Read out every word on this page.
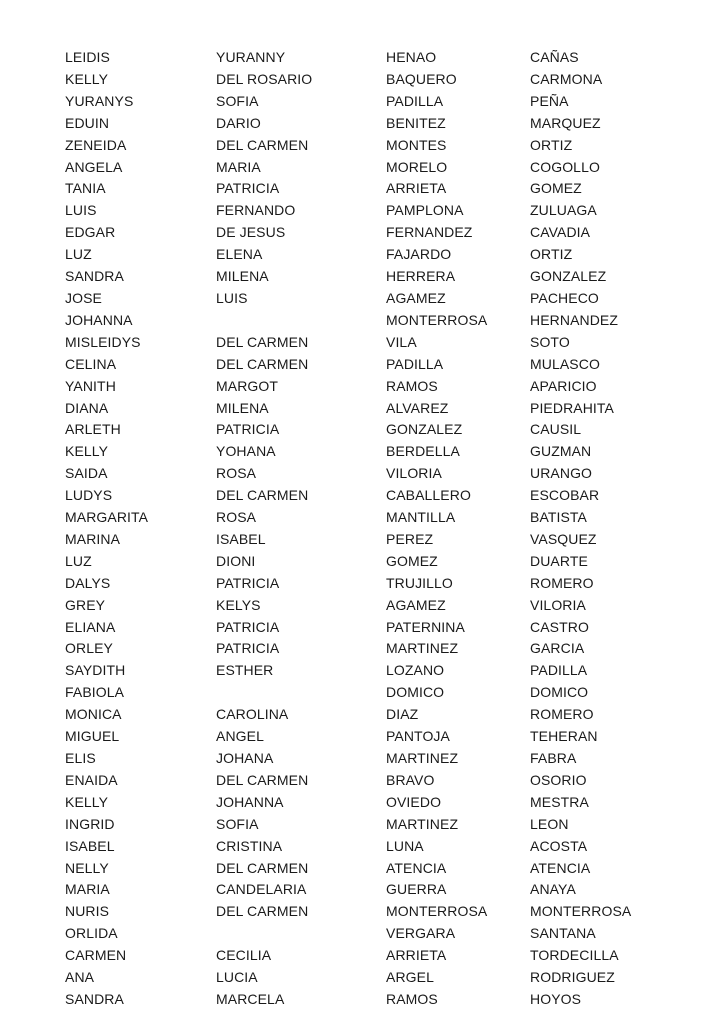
LEIDIS	YURANNY	HENAO	CAÑAS
KELLY	DEL ROSARIO	BAQUERO	CARMONA
YURANYS	SOFIA	PADILLA	PEÑA
EDUIN	DARIO	BENITEZ	MARQUEZ
ZENEIDA	DEL CARMEN	MONTES	ORTIZ
ANGELA	MARIA	MORELO	COGOLLO
TANIA	PATRICIA	ARRIETA	GOMEZ
LUIS	FERNANDO	PAMPLONA	ZULUAGA
EDGAR	DE JESUS	FERNANDEZ	CAVADIA
LUZ	ELENA	FAJARDO	ORTIZ
SANDRA	MILENA	HERRERA	GONZALEZ
JOSE	LUIS	AGAMEZ	PACHECO
JOHANNA		MONTERROSA	HERNANDEZ
MISLEIDYS	DEL CARMEN	VILA	SOTO
CELINA	DEL CARMEN	PADILLA	MULASCO
YANITH	MARGOT	RAMOS	APARICIO
DIANA	MILENA	ALVAREZ	PIEDRAHITA
ARLETH	PATRICIA	GONZALEZ	CAUSIL
KELLY	YOHANA	BERDELLA	GUZMAN
SAIDA	ROSA	VILORIA	URANGO
LUDYS	DEL CARMEN	CABALLERO	ESCOBAR
MARGARITA	ROSA	MANTILLA	BATISTA
MARINA	ISABEL	PEREZ	VASQUEZ
LUZ	DIONI	GOMEZ	DUARTE
DALYS	PATRICIA	TRUJILLO	ROMERO
GREY	KELYS	AGAMEZ	VILORIA
ELIANA	PATRICIA	PATERNINA	CASTRO
ORLEY	PATRICIA	MARTINEZ	GARCIA
SAYDITH	ESTHER	LOZANO	PADILLA
FABIOLA		DOMICO	DOMICO
MONICA	CAROLINA	DIAZ	ROMERO
MIGUEL	ANGEL	PANTOJA	TEHERAN
ELIS	JOHANA	MARTINEZ	FABRA
ENAIDA	DEL CARMEN	BRAVO	OSORIO
KELLY	JOHANNA	OVIEDO	MESTRA
INGRID	SOFIA	MARTINEZ	LEON
ISABEL	CRISTINA	LUNA	ACOSTA
NELLY	DEL CARMEN	ATENCIA	ATENCIA
MARIA	CANDELARIA	GUERRA	ANAYA
NURIS	DEL CARMEN	MONTERROSA	MONTERROSA
ORLIDA		VERGARA	SANTANA
CARMEN	CECILIA	ARRIETA	TORDECILLA
ANA	LUCIA	ARGEL	RODRIGUEZ
SANDRA	MARCELA	RAMOS	HOYOS
